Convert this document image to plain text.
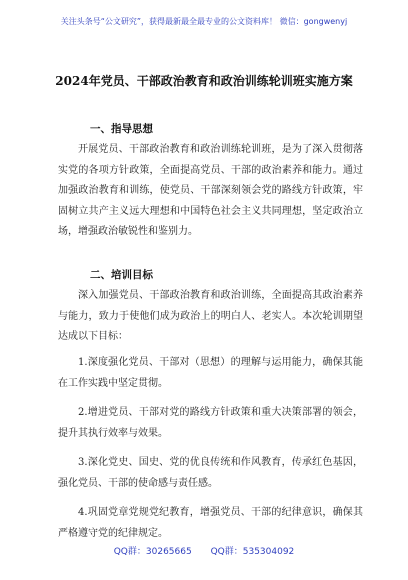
关注头条号“公文研究”，获得最新最全最专业的公文资料库！ 微信：gongwenyj
2024年党员、干部政治教育和政治训练轮训班实施方案
一、指导思想

开展党员、干部政治教育和政治训练轮训班，是为了深入贯彻落实党的各项方针政策，全面提高党员、干部的政治素养和能力。通过加强政治教育和训练，使党员、干部深刻领会党的路线方针政策，牢固树立共产主义远大理想和中国特色社会主义共同理想，坚定政治立场，增强政治敏锐性和鉴别力。

二、培训目标

深入加强党员、干部政治教育和政治训练，全面提高其政治素养与能力，致力于使他们成为政治上的明白人、老实人。本次轮训期望达成以下目标：

1.深度强化党员、干部对（思想）的理解与运用能力，确保其能在工作实践中坚定贯彻。

2.增进党员、干部对党的路线方针政策和重大决策部署的领会，提升其执行效率与效果。

3.深化党史、国史、党的优良传统和作风教育，传承红色基因，强化党员、干部的使命感与责任感。

4.巩固党章党规党纪教育，增强党员、干部的纪律意识，确保其严格遵守党的纪律规定。

QQ群：30265665 QQ群：535304092
